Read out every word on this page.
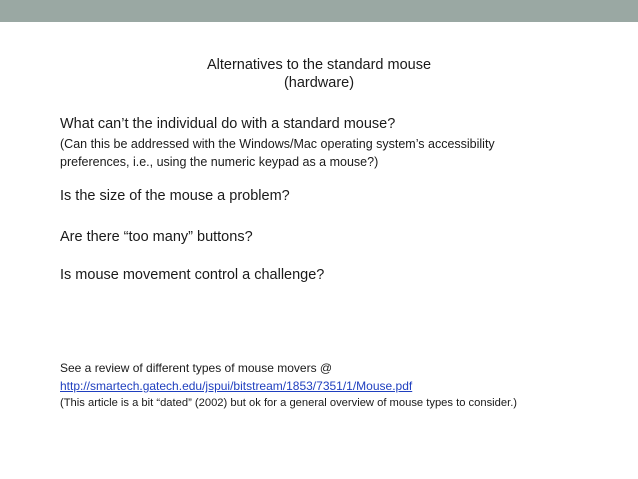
Alternatives to the standard mouse
(hardware)
What can’t the individual do with a standard mouse?
(Can this be addressed with the Windows/Mac operating system’s accessibility
preferences, i.e., using the numeric keypad as a mouse?)
Is the size of the mouse a problem?
Are there “too many” buttons?
Is mouse movement control a challenge?
See a review of different types of mouse movers @
http://smartech.gatech.edu/jspui/bitstream/1853/7351/1/Mouse.pdf
(This article is a bit “dated” (2002) but ok for a general overview of mouse types to consider.)
